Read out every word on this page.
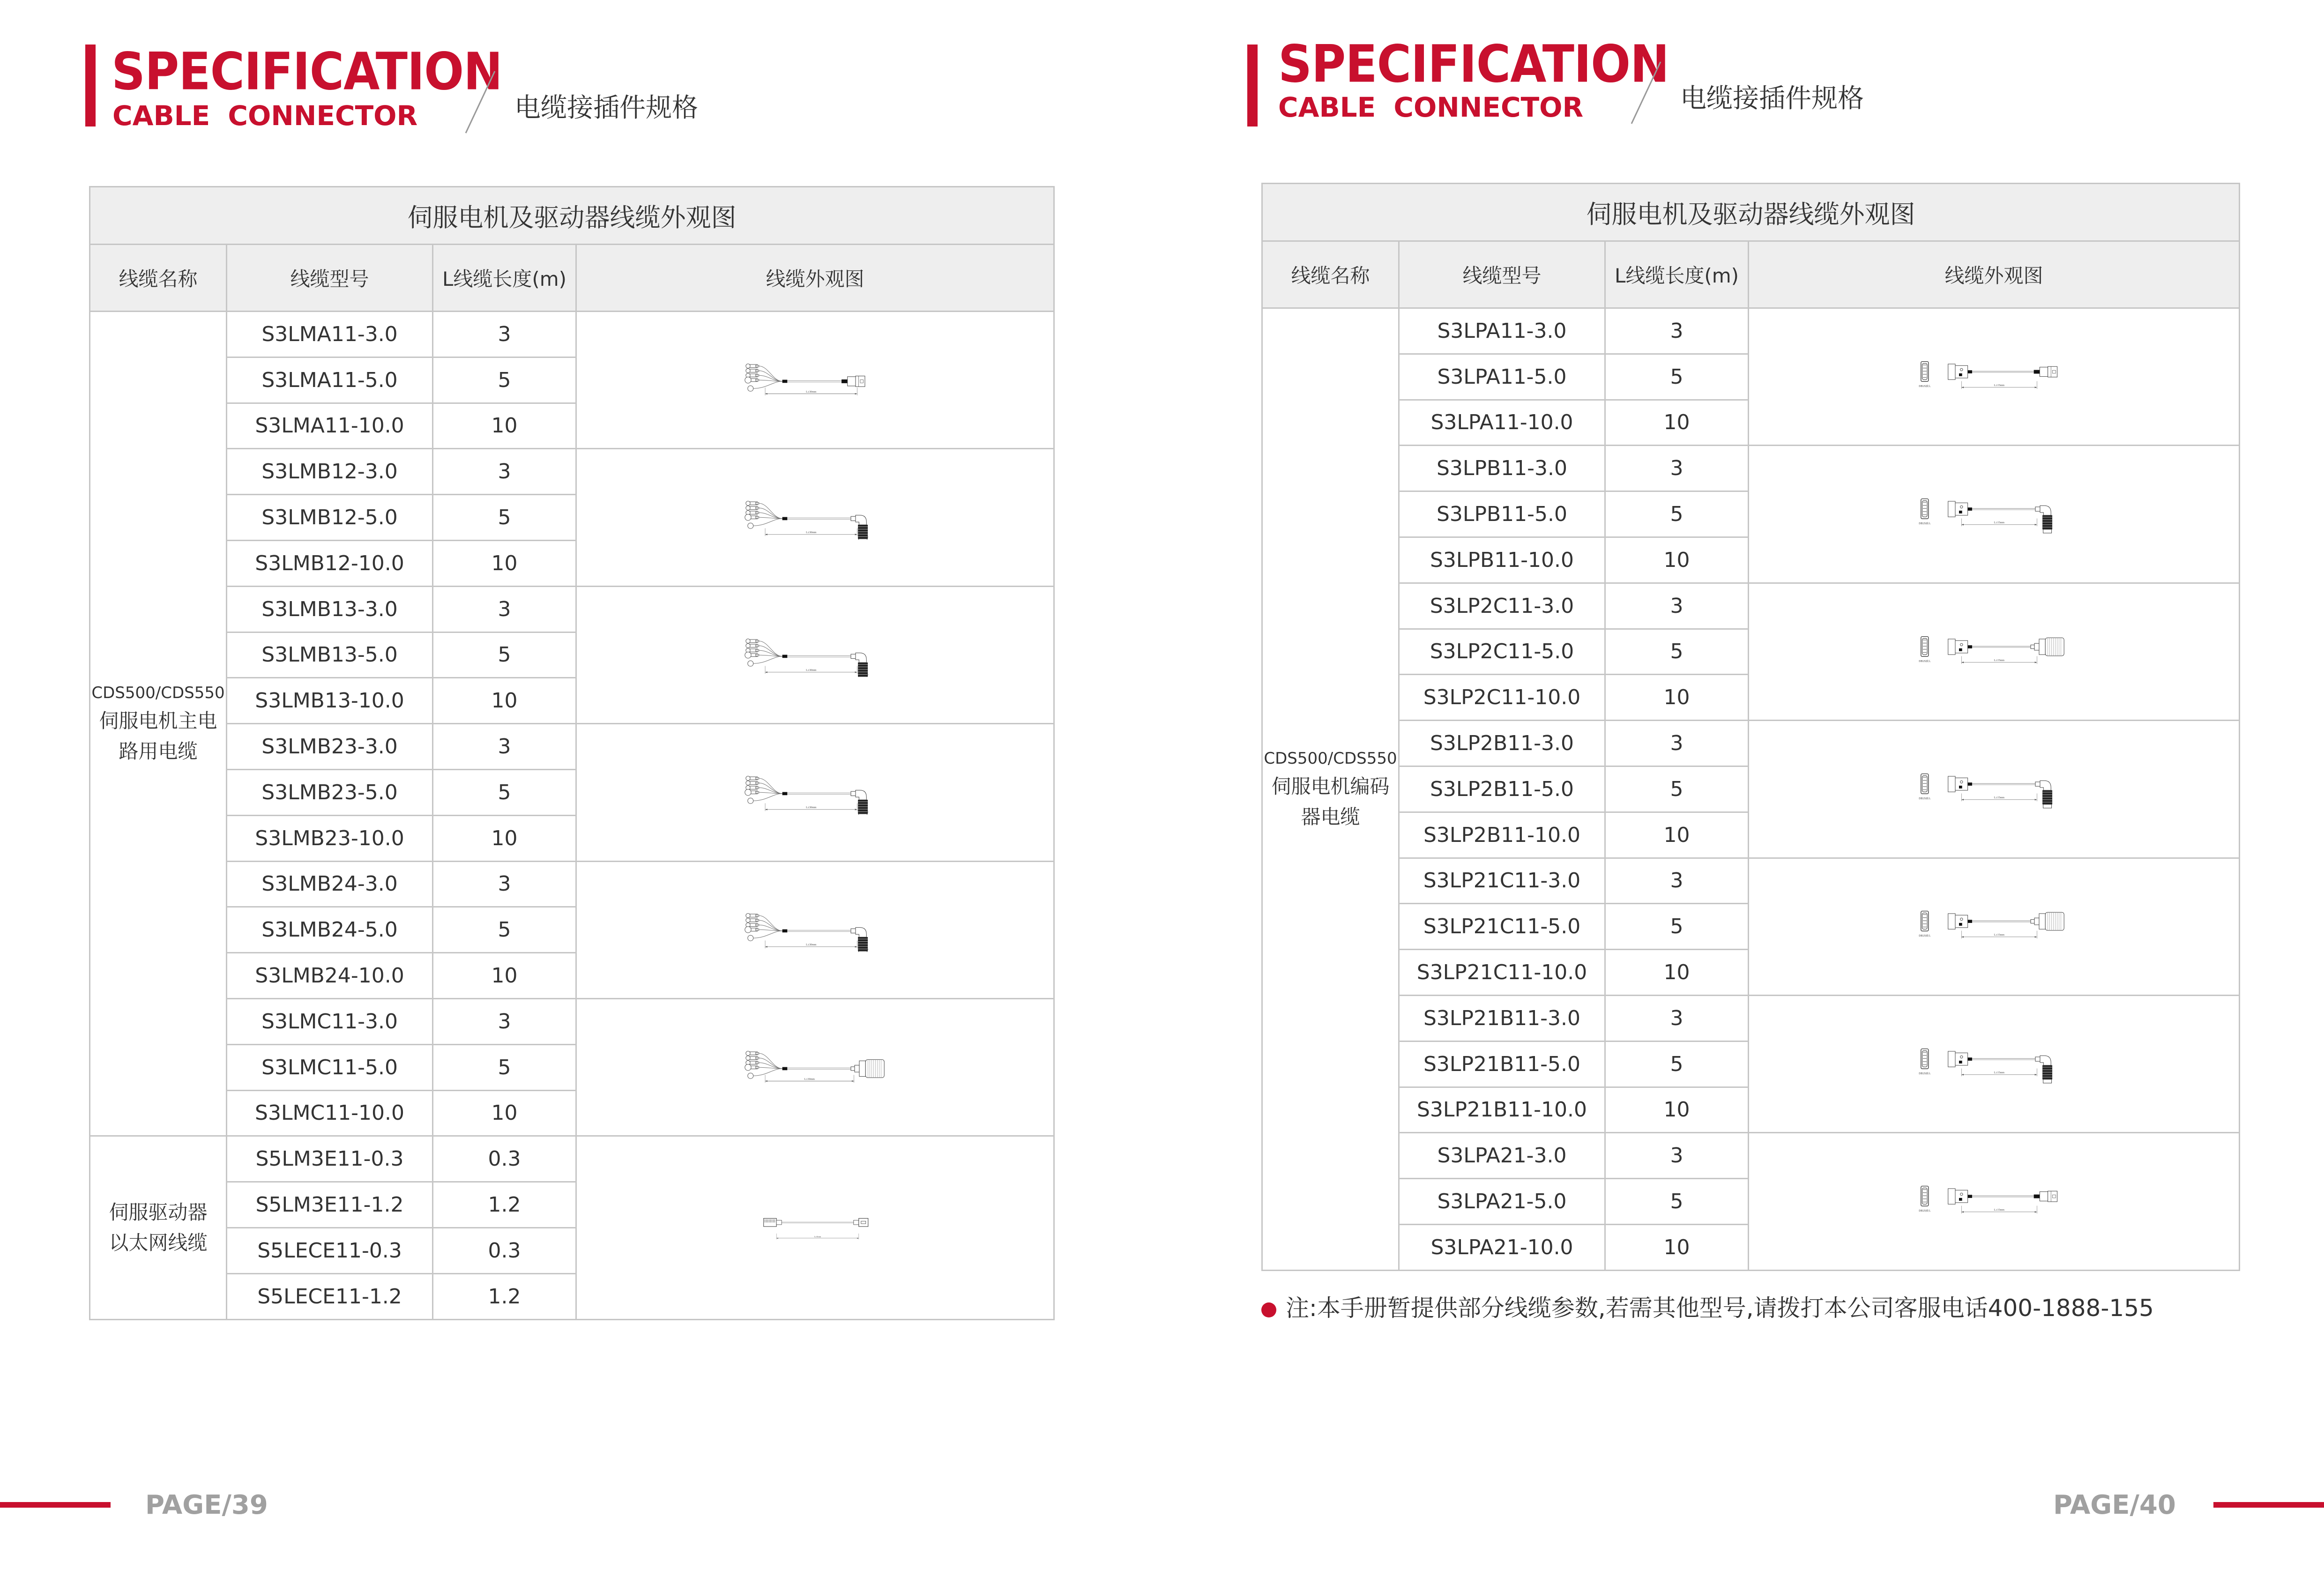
SPECIFICATION
CABLE CONNECTOR	电缆接插件规格
伺服电机及驱动器线缆外观图			
线缆名称	线缆型号	L线缆长度(m)	线缆外观图

CDS500/CDS550
伺服电机主电
路用电缆	S3LMA11-3.0	3	L±30mm

	S3LMA11-5.0	5	
	S3LMA11-10.0	10	
	S3LMB12-3.0	3	L±30mm
A

	S3LMB12-5.0	5	
	S3LMB12-10.0	10	
	S3LMB13-3.0	3	L±30mm
A

	S3LMB13-5.0	5	
	S3LMB13-10.0	10	
	S3LMB23-3.0	3	L±30mm
A

	S3LMB23-5.0	5	
	S3LMB23-10.0	10	
	S3LMB24-3.0	3	L±30mm
A

	S3LMB24-5.0	5	
	S3LMB24-10.0	10	
	S3LMC11-3.0	3	L±30mm

	S3LMC11-5.0	5	
	S3LMC11-10.0	10	

伺服驱动器
以太网线缆	S5LM3E11-0.3	0.3	L±5mm

	S5LM3E11-1.2	1.2	
	S5LECE11-0.3	0.3	
	S5LECE11-1.2	1.2	
PAGE/39
SPECIFICATION
CABLE CONNECTOR	电缆接插件规格
伺服电机及驱动器线缆外观图			
线缆名称	线缆型号	L线缆长度(m)	线缆外观图

CDS500/CDS550
伺服电机编码
器电缆	S3LPA11-3.0	3	DB15插头 L±15mm

	S3LPA11-5.0	5	
	S3LPA11-10.0	10	
	S3LPB11-3.0	3	DB15插头 L±15mm

	S3LPB11-5.0	5	
	S3LPB11-10.0	10	
	S3LP2C11-3.0	3	DB15插头 L±15mm

	S3LP2C11-5.0	5	
	S3LP2C11-10.0	10	
	S3LP2B11-3.0	3	DB15插头 L±15mm

	S3LP2B11-5.0	5	
	S3LP2B11-10.0	10	
	S3LP21C11-3.0	3	DB15插头 L±15mm

	S3LP21C11-5.0	5	
	S3LP21C11-10.0	10	
	S3LP21B11-3.0	3	DB15插头 L±15mm

	S3LP21B11-5.0	5	
	S3LP21B11-10.0	10	
	S3LPA21-3.0	3	DB15插头 L±15mm

	S3LPA21-5.0	5	
	S3LPA21-10.0	10	
注:本手册暂提供部分线缆参数,若需其他型号,请拨打本公司客服电话400-1888-155
PAGE/40
